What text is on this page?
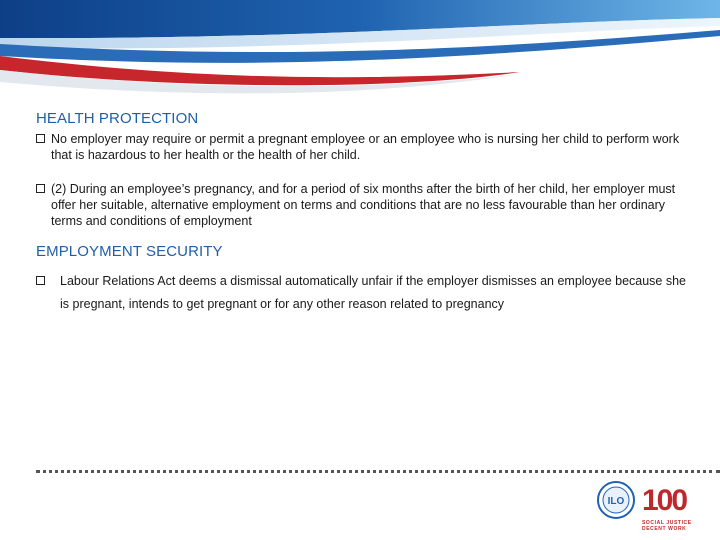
HEALTH PROTECTION

No employer may require or permit a pregnant employee or an employee who is nursing her child to perform work that is hazardous to her health or the health of her child.

(2) During an employee’s pregnancy, and for a period of six months after the birth of her child, her employer must offer her suitable, alternative employment on terms and conditions that are no less favourable than her ordinary terms and conditions of employment

EMPLOYMENT SECURITY

Labour Relations Act deems a dismissal automatically unfair if the employer dismisses an employee because she is pregnant, intends to get pregnant or for any other reason related to pregnancy

ILO 100
SOCIAL JUSTICE
DECENT WORK
